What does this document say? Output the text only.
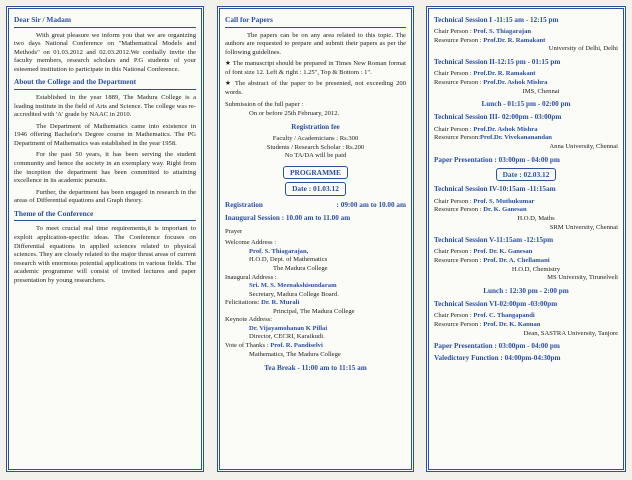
Dear Sir / Madam

With great pleasure we inform you that we are organizing two days National Conference on "Mathematical Models and Methods" on 01.03.2012 and 02.03.2012.We cordially invite the faculty members, research scholars and P.G students of your esteemed institution to participate in this National Conference.

About the College and the Department

Established in the year 1889, The Madura College is a leading institute in the field of Arts and Science. The college was re-accredited with 'A' grade by NAAC in 2010.

The Department of Mathematics came into existence in 1946 offering Bachelor's Degree course in Mathematics. The PG Department of Mathematics was established in the year 1958.

For the past 50 years, it has been serving the student community and hence the society in an exemplary way. Right from the inception the department has been committed to attaining excellence in its academic pursuits.

Further, the department has been engaged in research in the areas of Differential equations and Graph theory.

Theme of the Conference

To meet crucial real time requirements,it is important to exploit application-specific ideas. The Conference focuses on Differential equations in applied sciences related to physical sciences. They are closely related to the major thrust areas of current research with enormous potential applications in various fields. The academic programme will consist of invited lectures and paper presentation by young researchers.

Call for Papers

The papers can be on any area related to this topic. The authors are requested to prepare and submit their papers as per the following guidelines.

★ The manuscript should be prepared in Times New Roman format of font size 12. Left & right : 1.25", Top & Bottom : 1".

★ The abstract of the paper to be presented, not exceeding 200 words.

Submission of the full paper :

On or before 25th February, 2012.

Registration fee
Faculty / Academicians : Rs.300
Students / Research Scholar : Rs.200
No TA/DA will be paid
PROGRAMME
Date : 01.03.12
Registration	: 09:00 am to 10.00 am
Inaugural Session : 10.00 am to 11.00 am
Prayer
Welcome Address :
Prof. S. Thiagarajan,
H.O.D, Dept. of Mathematics
The Madura College
Inaugural Address :
Sri. M. S. Meenakshisundaram
Secretary, Madura College Board.
Felicitations: Dr. R. Murali
Principal, The Madura College
Keynote Address:
Dr. Vijayamohanan K Pillai
Director, CECRI, Karaikudi.
Vote of Thanks : Prof. R. Pandiselvi
Mathematics, The Madura College
Tea Break - 11:00 am to 11:15 am
Technical Session I -11:15 am - 12:15 pm
Chair Person : Prof. S. Thiagarajan
Resource Person : Prof.Dr. R. Ramakant
University of Delhi, Delhi
Technical Session II-12:15 pm - 01:15 pm
Chair Person : Prof.Dr. R. Ramakant
Resource Person : Prof.Dr. Ashok Mishra
IMS, Chennai
Lunch - 01:15 pm - 02:00 pm
Technical Session III- 02:00pm - 03:00pm
Chair Person : Prof.Dr. Ashok Mishra
Resource Person:Prof.Dr. Vivekananandan
Anna University, Chennai
Paper Presentation : 03:00pm - 04:00 pm
Date : 02.03.12
Technical Session IV-10:15am -11:15am
Chair Person : Prof. S. Muthukumar
Resource Person : Dr. K. Ganesan
H.O.D, Maths
SRM University, Chennai
Technical Session V-11:15am -12:15pm
Chair Person : Prof. Dr. K. Ganesan
Resource Person : Prof. Dr. A. Chellamani
H.O.D, Chemistry
MS University, Tirunelveli
Lunch : 12:30 pm - 2:00 pm
Technical Session VI-02:00pm -03:00pm
Chair Person : Prof. C. Thangapandi
Resource Person : Prof. Dr. K. Kannan
Dean, SASTRA University, Tanjore
Paper Presentation : 03:00pm - 04:00 pm
Valedictory Function : 04:00pm-04:30pm
